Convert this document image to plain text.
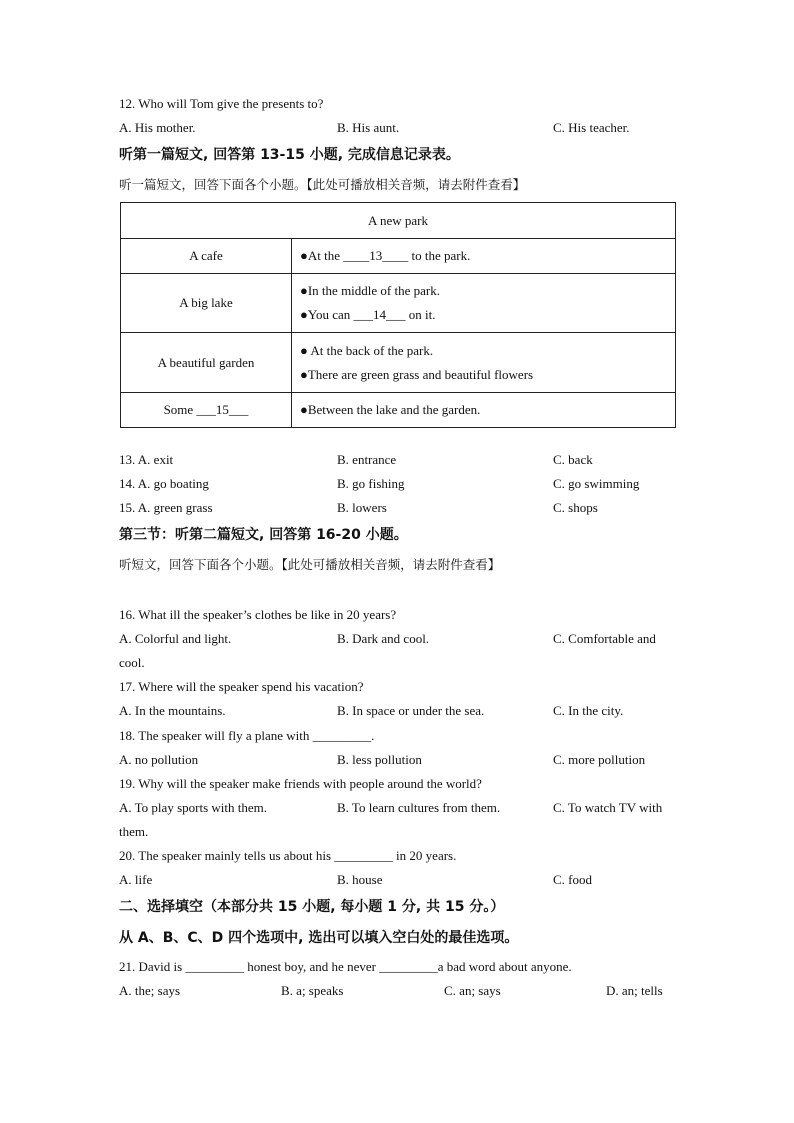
12. Who will Tom give the presents to?
A. His mother.	B. His aunt.	C. His teacher.
听第一篇短文, 回答第 13-15 小题, 完成信息记录表。
听一篇短文，回答下面各个小题。【此处可播放相关音频，请去附件查看】
A new park	
A cafe	●At the ____13____ to the park.

A big lake	●In the middle of the park.
●You can ___14___ on it.

A beautiful garden	● At the back of the park.
●There are green grass and beautiful flowers

Some ___15___	●Between the lake and the garden.
13. A. exit	B. entrance	C. back
14. A. go boating	B. go fishing	C. go swimming
15. A. green grass	B. lowers	C. shops
第三节：听第二篇短文, 回答第 16-20 小题。
听短文，回答下面各个小题。【此处可播放相关音频，请去附件查看】
16. What ill the speaker’s clothes be like in 20 years?
A. Colorful and light.	B. Dark and cool.	C. Comfortable and
cool.
17. Where will the speaker spend his vacation?
A. In the mountains.	B. In space or under the sea.	C. In the city.
18. The speaker will fly a plane with _________.
A. no pollution	B. less pollution	C. more pollution
19. Why will the speaker make friends with people around the world?
A. To play sports with them.	B. To learn cultures from them.	C. To watch TV with
them.
20. The speaker mainly tells us about his _________ in 20 years.
A. life	B. house	C. food
二、选择填空（本部分共 15 小题, 每小题 1 分, 共 15 分。）
从 A、B、C、D 四个选项中, 选出可以填入空白处的最佳选项。
21. David is _________ honest boy, and he never _________a bad word about anyone.
A. the; says	B. a; speaks	C. an; says	D. an; tells
